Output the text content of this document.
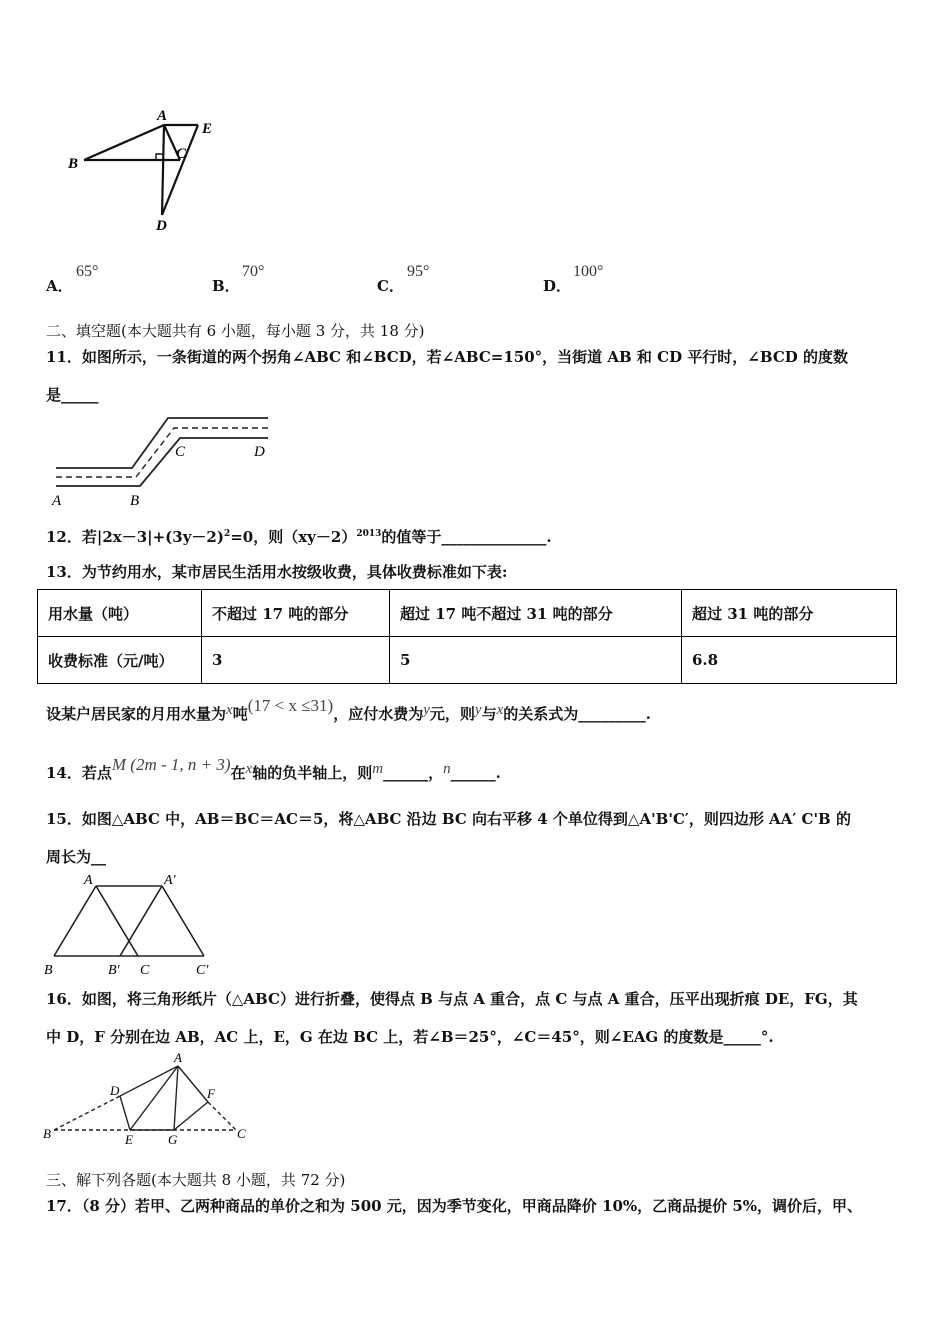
A
E
B
C
D
A．
65°
B．
70°
C．
95°
D．
100°
二、填空题(本大题共有 6 小题，每小题 3 分，共 18 分)
11．如图所示，一条街道的两个拐角∠ABC 和∠BCD，若∠ABC=150°，当街道 AB 和 CD 平行时，∠BCD 的度数
是_____
A	B
C	D
12．若$|2x-3|+(3y-2)^2=0$，则$(xy-2)^{2013}$的值等于______________.
13．为节约用水，某市居民生活用水按级收费，具体收费标准如下表:
用水量（吨）	不超过 17 吨的部分	超过 17 吨不超过 31 吨的部分	超过 31 吨的部分
收费标准（元/吨）	3	5	6.8
设某户居民家的月用水量为x吨(17 < x ≤31)，应付水费为y元，则y与x的关系式为_________.
14．若点M (2m - 1, n + 3)在x轴的负半轴上，则m______，n______.
15．如图△ABC 中，AB＝BC＝AC＝5，将△ABC 沿边 BC 向右平移 4 个单位得到△A'B'C′，则四边形 AA′ C'B 的
周长为__
A	A′
B	B′ C	C′
16．如图，将三角形纸片（△ABC）进行折叠，使得点 B 与点 A 重合，点 C 与点 A 重合，压平出现折痕 DE，FG，其
中 D，F 分别在边 AB，AC 上，E，G 在边 BC 上，若∠B＝25°，∠C＝45°，则∠EAG 的度数是_____°.
A
B	C
D
E
F
G
三、解下列各题(本大题共 8 小题，共 72 分)
17．（8 分）若甲、乙两种商品的单价之和为 500 元，因为季节变化，甲商品降价 10%，乙商品提价 5%，调价后，甲、
